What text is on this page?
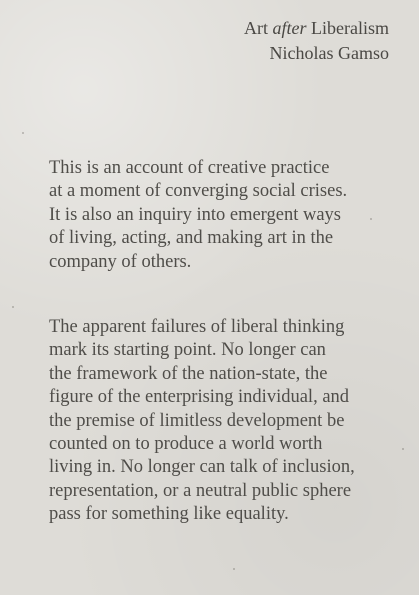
Art after Liberalism
Nicholas Gamso
This is an account of creative practice
at a moment of converging social crises.
It is also an inquiry into emergent ways
of living, acting, and making art in the
company of others.
The apparent failures of liberal thinking
mark its starting point. No longer can
the framework of the nation-state, the
figure of the enterprising individual, and
the premise of limitless development be
counted on to produce a world worth
living in. No longer can talk of inclusion,
representation, or a neutral public sphere
pass for something like equality.
